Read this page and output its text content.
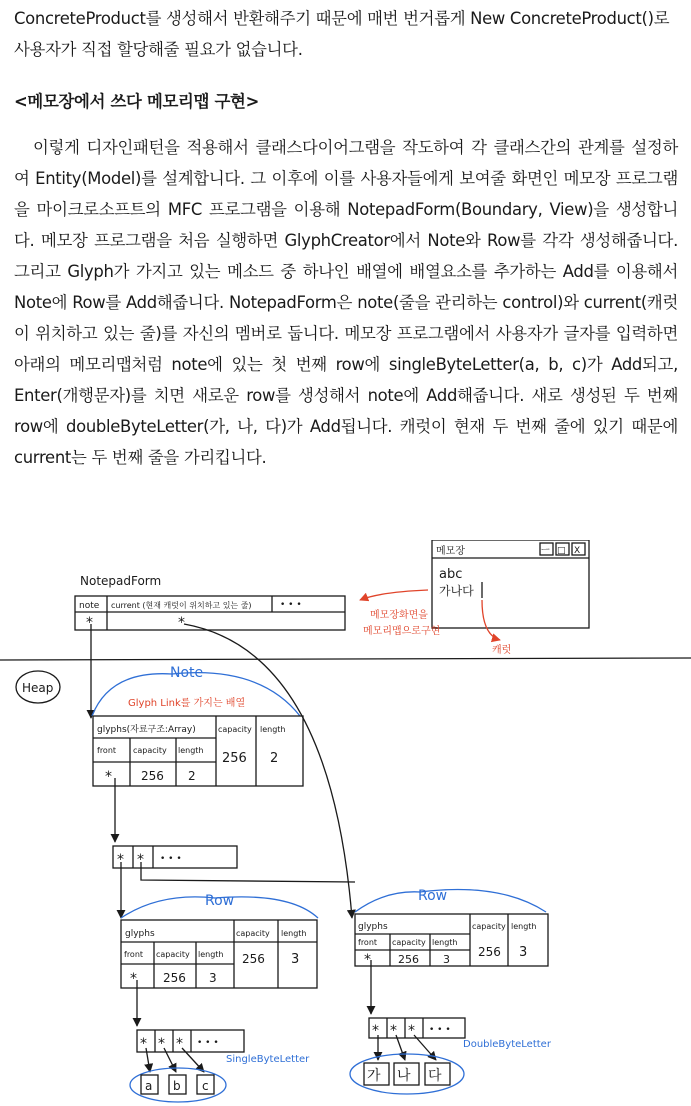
ConcreteProduct를 생성해서 반환해주기 때문에 매번 번거롭게 New ConcreteProduct()로 사용자가 직접 할당해줄 필요가 없습니다.
<메모장에서 쓰다 메모리맵 구현>
이렇게 디자인패턴을 적용해서 클래스다이어그램을 작도하여 각 클래스간의 관계를 설정하여 Entity(Model)를 설계합니다. 그 이후에 이를 사용자들에게 보여줄 화면인 메모장 프로그램을 마이크로소프트의 MFC 프로그램을 이용해 NotepadForm(Boundary, View)을 생성합니다. 메모장 프로그램을 처음 실행하면 GlyphCreator에서 Note와 Row를 각각 생성해줍니다. 그리고 Glyph가 가지고 있는 메소드 중 하나인 배열에 배열요소를 추가하는 Add를 이용해서 Note에 Row를 Add해줍니다. NotepadForm은 note(줄을 관리하는 control)와 current(캐럿이 위치하고 있는 줄)를 자신의 멤버로 둡니다. 메모장 프로그램에서 사용자가 글자를 입력하면 아래의 메모리맵처럼 note에 있는 첫 번째 row에 singleByteLetter(a, b, c)가 Add되고, Enter(개행문자)를 치면 새로운 row를 생성해서 note에 Add해줍니다. 새로 생성된 두 번째 row에 doubleByteLetter(가, 나, 다)가 Add됩니다. 캐럿이 현재 두 번째 줄에 있기 때문에 current는 두 번째 줄을 가리킵니다.
메모장	ㅡ □ X
abc
가나다
캐럿
메모장화면을
메모리맵으로구현
NotepadForm
note current (현재 캐럿이 위치하고 있는 줄)	• • •
*	*
Heap
Note
Glyph Link를 가지는 배열
glyphs(자료구조:Array)	capacity length
front capacity length
* 256 2
256 2
* * • • •
Row
glyphs	capacity length
front capacity length
* 256 3
256 3
* * * • • •
a b c
SingleByteLetter
Row
glyphs	capacity length
front capacity length
* 256 3
256 3
* * * • • •
가 나 다
DoubleByteLetter
